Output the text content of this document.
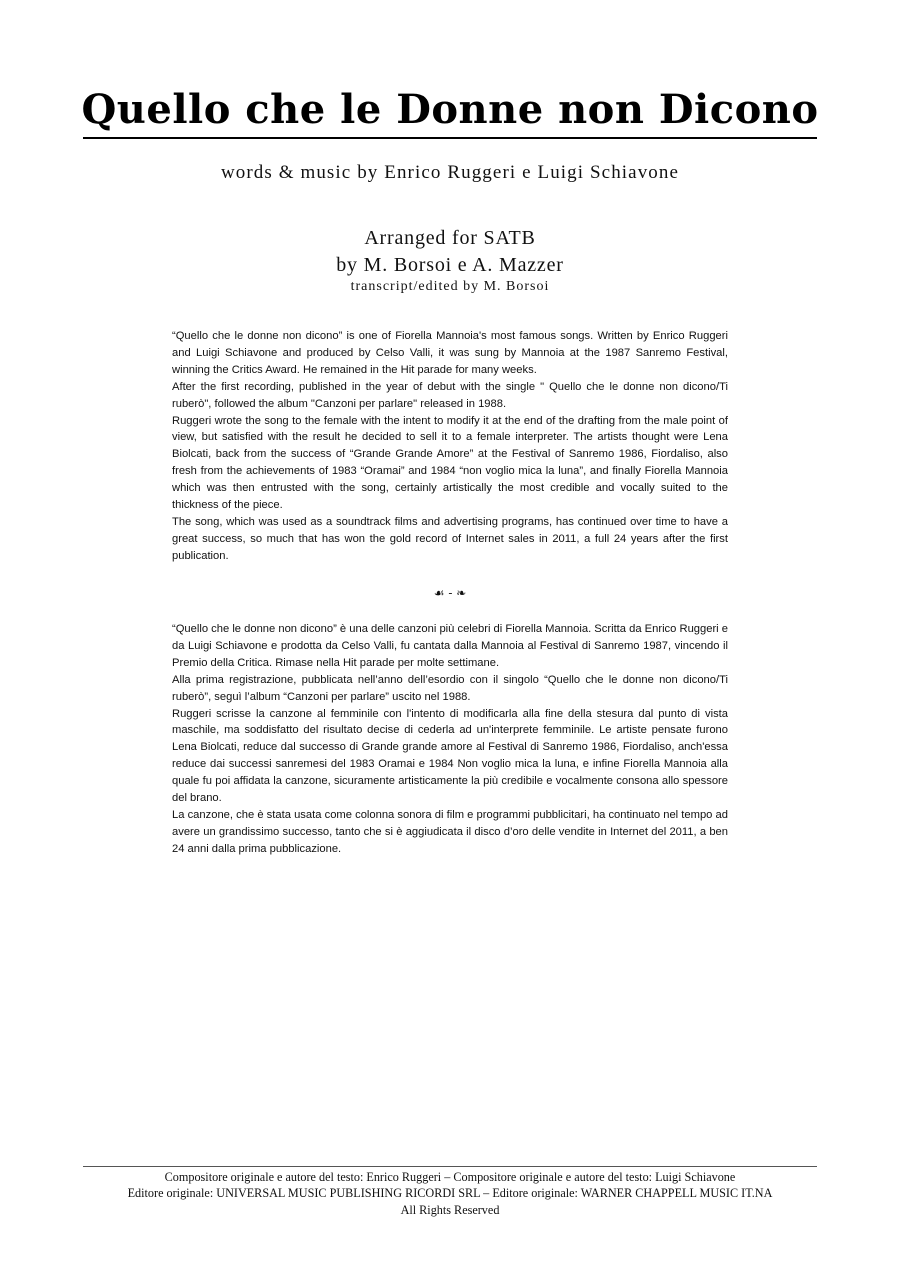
Quello che le Donne non Dicono
words & music by Enrico Ruggeri e Luigi Schiavone
Arranged for SATB
by M. Borsoi e A. Mazzer
transcript/edited by M. Borsoi

“Quello che le donne non dicono” is one of Fiorella Mannoia's most famous songs. Written by Enrico Ruggeri and Luigi Schiavone and produced by Celso Valli, it was sung by Mannoia at the 1987 Sanremo Festival, winning the Critics Award. He remained in the Hit parade for many weeks.

After the first recording, published in the year of debut with the single " Quello che le donne non dicono/Ti ruberò", followed the album "Canzoni per parlare" released in 1988.

Ruggeri wrote the song to the female with the intent to modify it at the end of the drafting from the male point of view, but satisfied with the result he decided to sell it to a female interpreter. The artists thought were Lena Biolcati, back from the success of “Grande Grande Amore” at the Festival of Sanremo 1986, Fiordaliso, also fresh from the achievements of 1983 “Oramai” and 1984 “non voglio mica la luna”, and finally Fiorella Mannoia which was then entrusted with the song, certainly artistically the most credible and vocally suited to the thickness of the piece.

The song, which was used as a soundtrack films and advertising programs, has continued over time to have a great success, so much that has won the gold record of Internet sales in 2011, a full 24 years after the first publication.

☙ - ❧

“Quello che le donne non dicono” è una delle canzoni più celebri di Fiorella Mannoia. Scritta da Enrico Ruggeri e da Luigi Schiavone e prodotta da Celso Valli, fu cantata dalla Mannoia al Festival di Sanremo 1987, vincendo il Premio della Critica. Rimase nella Hit parade per molte settimane.

Alla prima registrazione, pubblicata nell’anno dell’esordio con il singolo “Quello che le donne non dicono/Ti ruberò”, seguì l’album “Canzoni per parlare” uscito nel 1988.

Ruggeri scrisse la canzone al femminile con l'intento di modificarla alla fine della stesura dal punto di vista maschile, ma soddisfatto del risultato decise di cederla ad un'interprete femminile. Le artiste pensate furono Lena Biolcati, reduce dal successo di Grande grande amore al Festival di Sanremo 1986, Fiordaliso, anch'essa reduce dai successi sanremesi del 1983 Oramai e 1984 Non voglio mica la luna, e infine Fiorella Mannoia alla quale fu poi affidata la canzone, sicuramente artisticamente la più credibile e vocalmente consona allo spessore del brano.

La canzone, che è stata usata come colonna sonora di film e programmi pubblicitari, ha continuato nel tempo ad avere un grandissimo successo, tanto che si è aggiudicata il disco d’oro delle vendite in Internet del 2011, a ben 24 anni dalla prima pubblicazione.

Compositore originale e autore del testo: Enrico Ruggeri – Compositore originale e autore del testo: Luigi Schiavone
Editore originale: UNIVERSAL MUSIC PUBLISHING RICORDI SRL – Editore originale: WARNER CHAPPELL MUSIC IT.NA
All Rights Reserved
